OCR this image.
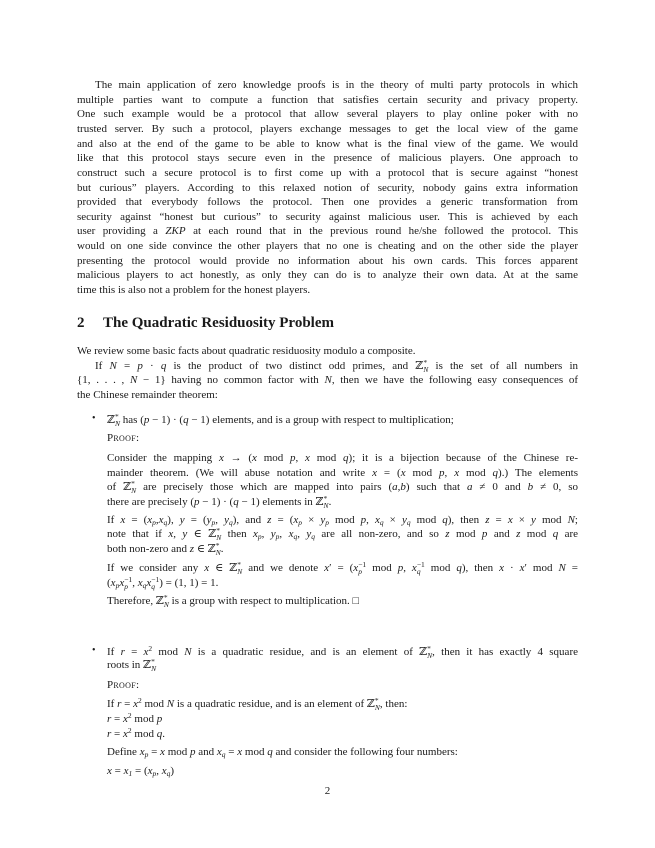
The main application of zero knowledge proofs is in the theory of multi party protocols in which
multiple parties want to compute a function that satisfies certain security and privacy property.
One such example would be a protocol that allow several players to play online poker with no
trusted server. By such a protocol, players exchange messages to get the local view of the game
and also at the end of the game to be able to know what is the final view of the game. We would
like that this protocol stays secure even in the presence of malicious players. One approach to
construct such a secure protocol is to first come up with a protocol that is secure against “honest
but curious” players. According to this relaxed notion of security, nobody gains extra information
provided that everybody follows the protocol. Then one provides a generic transformation from
security against “honest but curious” to security against malicious user. This is achieved by each
user providing a ZKP at each round that in the previous round he/she followed the protocol. This
would on one side convince the other players that no one is cheating and on the other side the player
presenting the protocol would provide no information about his own cards. This forces apparent
malicious players to act honestly, as only they can do is to analyze their own data. At at the same
time this is also not a problem for the honest players.
2 The Quadratic Residuosity Problem
We review some basic facts about quadratic residuosity modulo a composite.
If N = p · q is the product of two distinct odd primes, and ℤ *
N is the set of all numbers in
{1, . . . , N − 1} having no common factor with N, then we have the following easy consequences of
the Chinese remainder theorem:
• ℤ *
N has (p − 1) · (q − 1) elements, and is a group with respect to multiplication;
Proof:
Consider the mapping x → (x mod p, x mod q); it is a bijection because of the Chinese re-
mainder theorem. (We will abuse notation and write x = (x mod p, x mod q).) The elements
of ℤ *
N are precisely those which are mapped into pairs (a,b) such that a ≠ 0 and b ≠ 0, so
there are precisely (p − 1) · (q − 1) elements in ℤ *
N .
If $x = (x_p,x_q)$, $y = (y_p$, $y_q$), and $z = (x_p \times y_p$ mod p, $x_q \times y_q$ mod q), then z = x × y mod N;
note that if x, y ∈ ℤ *
N then $x_p$, $y_p$, $x_q$, $y_q$ are all non-zero, and so z mod p and z mod q are
both non-zero and z ∈ ℤ *
N .
If we consider any x ∈ ℤ *
N and we denote x′ = (x −1
p mod p, x −1
q mod q), then x · x′ mod N =
($x_px -1$
p , $x_qx -1$
q ) = (1, 1) = 1.
Therefore, ℤ *
N is a group with respect to multiplication. □
• If $r = x^2$ mod N is a quadratic residue, and is an element of ℤ *
N , then it has exactly 4 square
roots in ℤ *
N
Proof:
If $r = x^2$ mod N is a quadratic residue, and is an element of ℤ *
N , then:
$r = x^2$ mod p
$r = x^2$ mod q.
Define $x_p = x$ mod p and $x_q = x$ mod q and consider the following four numbers:
$x = x_1 = (x_p$, $x_q$)
2
